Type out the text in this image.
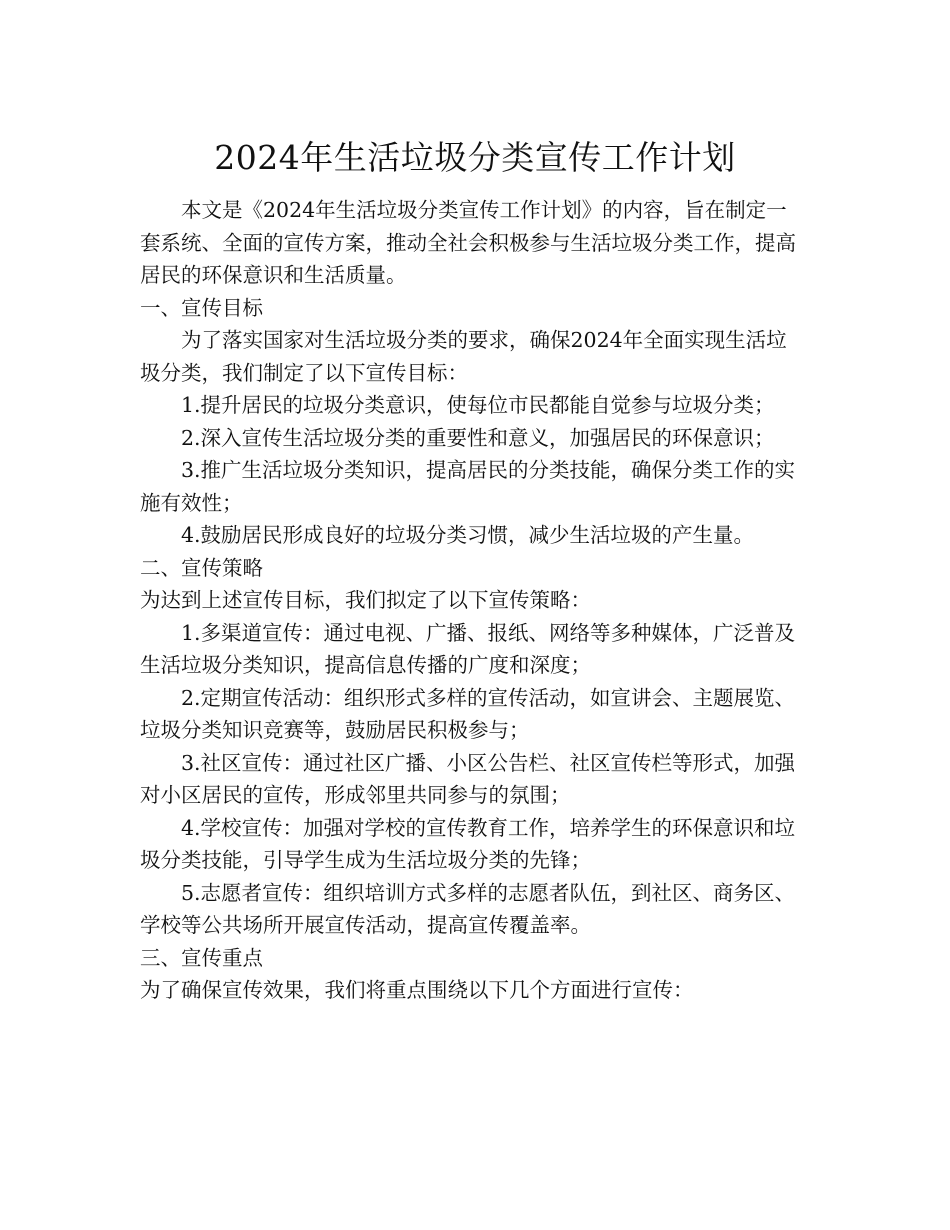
2024年生活垃圾分类宣传工作计划

本文是《2024年生活垃圾分类宣传工作计划》的内容，旨在制定一套系统、全面的宣传方案，推动全社会积极参与生活垃圾分类工作，提高居民的环保意识和生活质量。

一、宣传目标

为了落实国家对生活垃圾分类的要求，确保2024年全面实现生活垃圾分类，我们制定了以下宣传目标：

1.提升居民的垃圾分类意识，使每位市民都能自觉参与垃圾分类；

2.深入宣传生活垃圾分类的重要性和意义，加强居民的环保意识；

3.推广生活垃圾分类知识，提高居民的分类技能，确保分类工作的实施有效性；

4.鼓励居民形成良好的垃圾分类习惯，减少生活垃圾的产生量。

二、宣传策略

为达到上述宣传目标，我们拟定了以下宣传策略：

1.多渠道宣传：通过电视、广播、报纸、网络等多种媒体，广泛普及生活垃圾分类知识，提高信息传播的广度和深度；

2.定期宣传活动：组织形式多样的宣传活动，如宣讲会、主题展览、垃圾分类知识竞赛等，鼓励居民积极参与；

3.社区宣传：通过社区广播、小区公告栏、社区宣传栏等形式，加强对小区居民的宣传，形成邻里共同参与的氛围；

4.学校宣传：加强对学校的宣传教育工作，培养学生的环保意识和垃圾分类技能，引导学生成为生活垃圾分类的先锋；

5.志愿者宣传：组织培训方式多样的志愿者队伍，到社区、商务区、学校等公共场所开展宣传活动，提高宣传覆盖率。

三、宣传重点

为了确保宣传效果，我们将重点围绕以下几个方面进行宣传：
